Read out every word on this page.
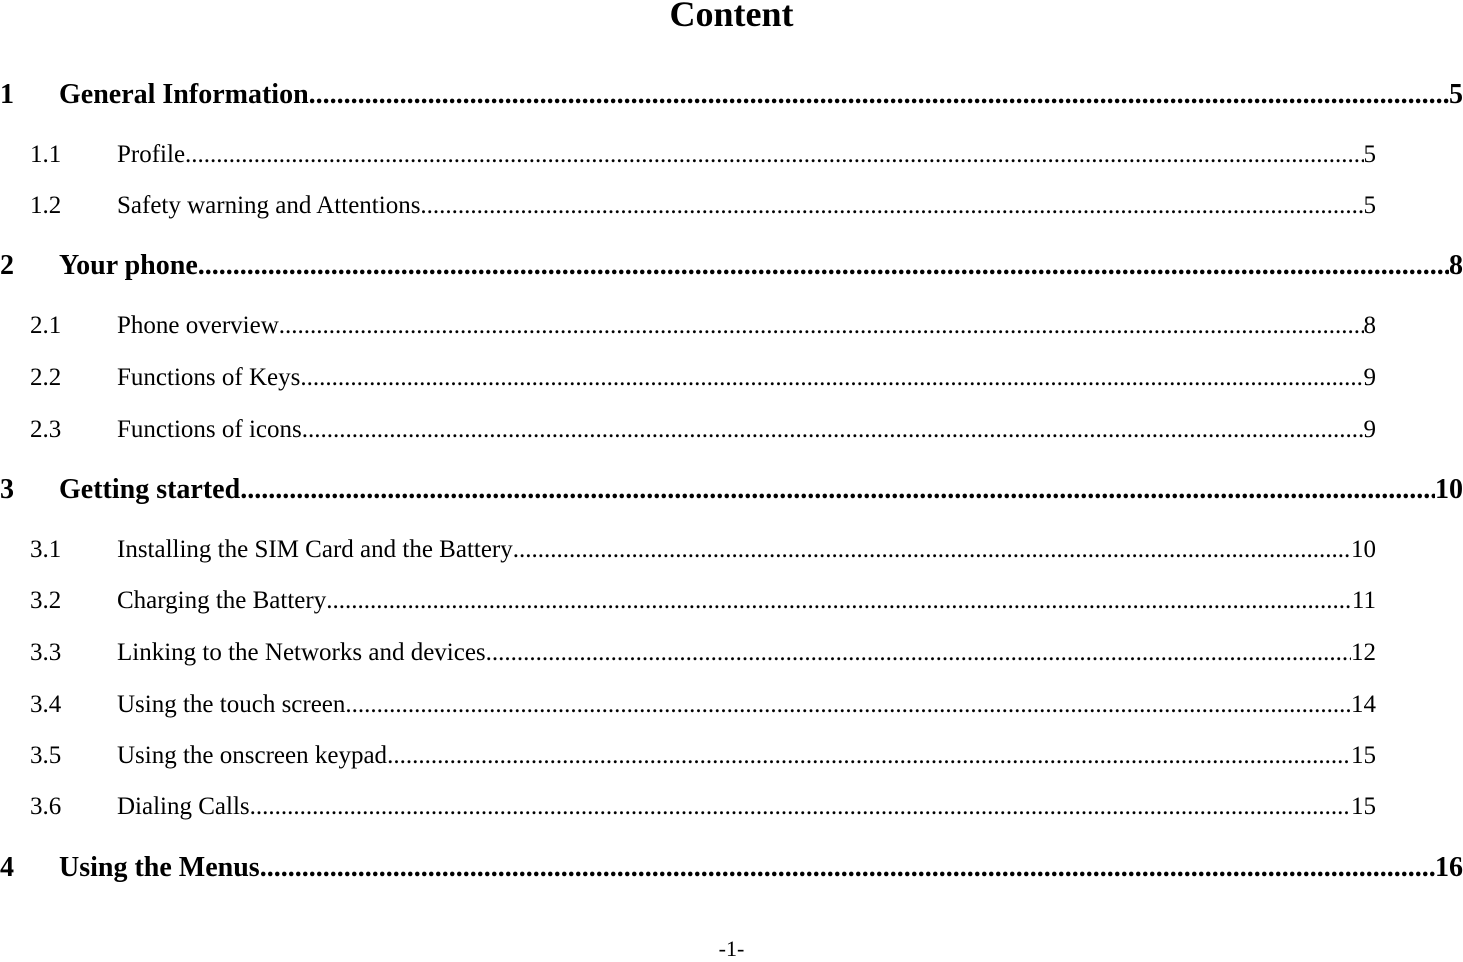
Content
1	General Information .....	5
1.1	Profile .....	5
1.2	Safety warning and Attentions .....	5
2	Your phone .....	8
2.1	Phone overview .....	8
2.2	Functions of Keys .....	9
2.3	Functions of icons .....	9
3	Getting started .....	10
3.1	Installing the SIM Card and the Battery .....	10
3.2	Charging the Battery .....	11
3.3	Linking to the Networks and devices .....	12
3.4	Using the touch screen .....	14
3.5	Using the onscreen keypad .....	15
3.6	Dialing Calls .....	15
4	Using the Menus .....	16
-1-
